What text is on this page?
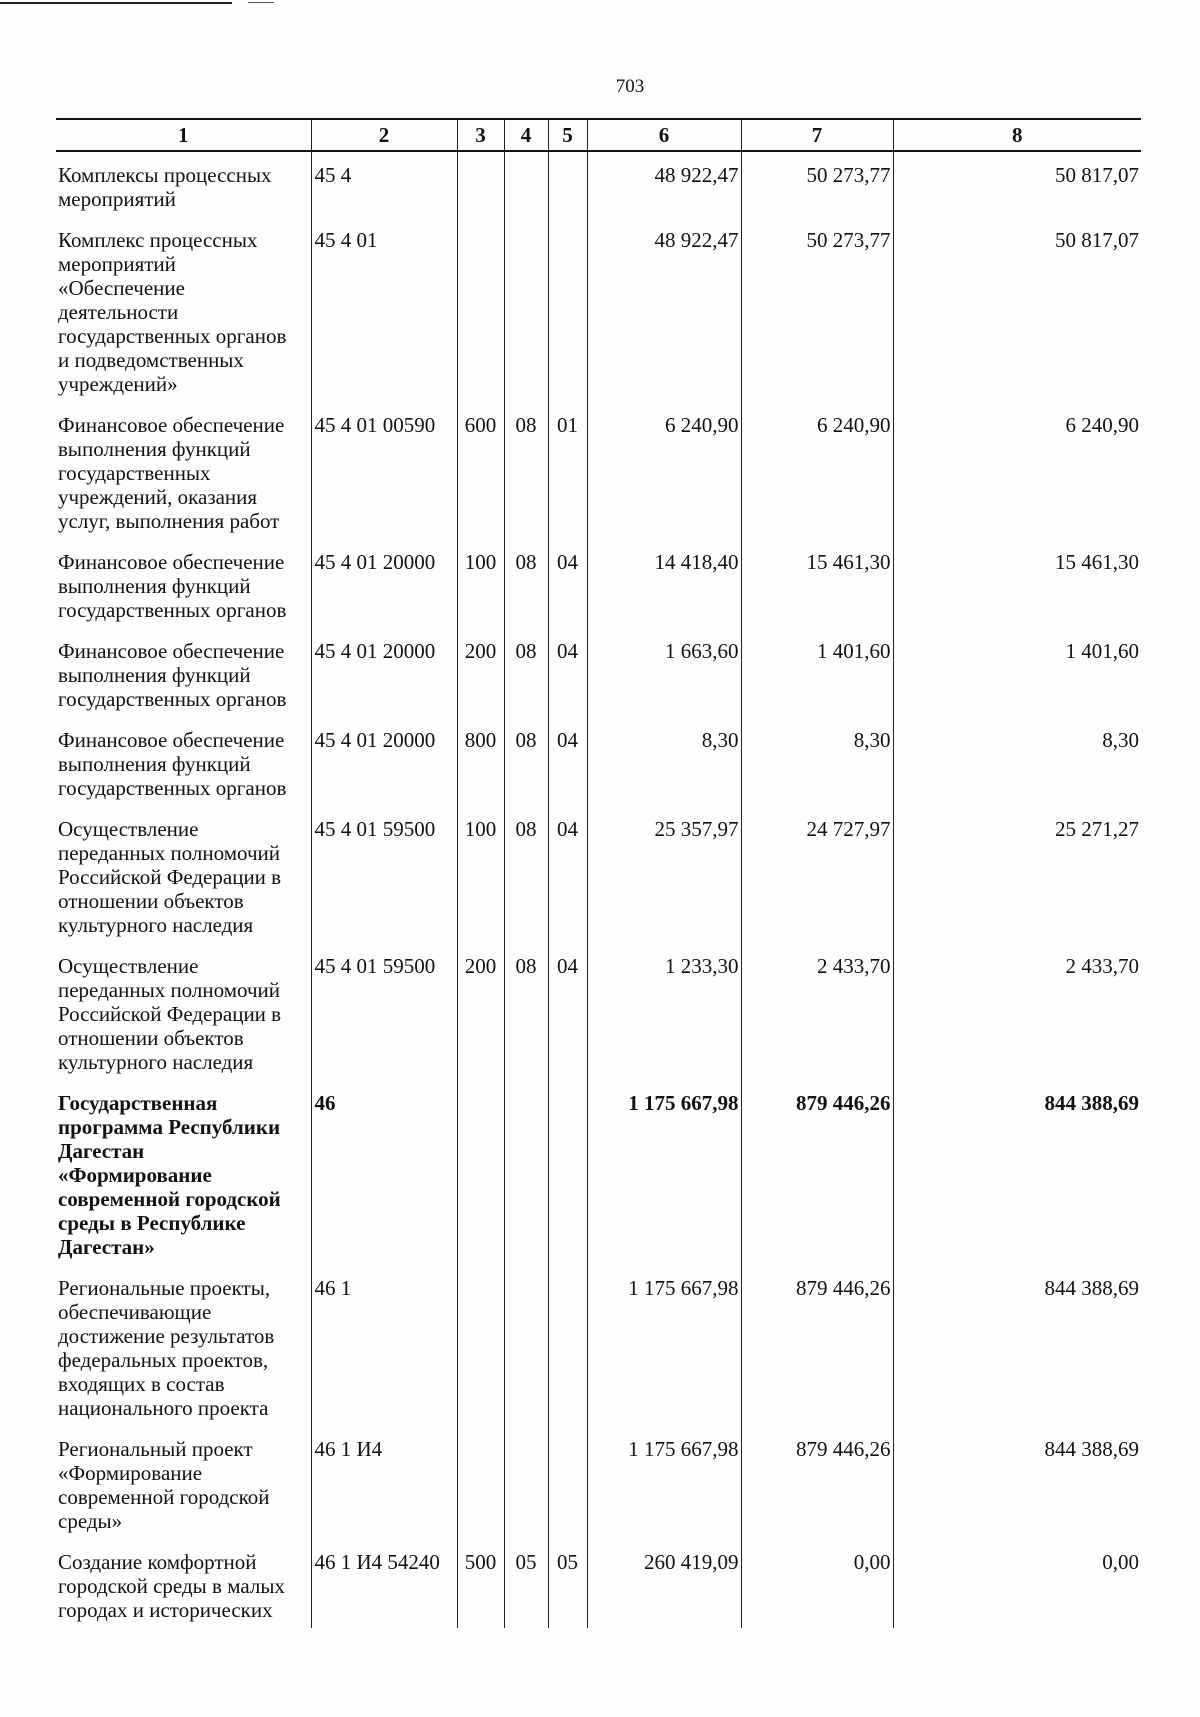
703
1	2	3	4	5	6	7	8
Комплексы процессных мероприятий	45 4				48 922,47	50 273,77	50 817,07
Комплекс процессных мероприятий «Обеспечение деятельности государственных органов и подведомственных учреждений»	45 4 01				48 922,47	50 273,77	50 817,07
Финансовое обеспечение выполнения функций государственных учреждений, оказания услуг, выполнения работ	45 4 01 00590	600	08	01	6 240,90	6 240,90	6 240,90
Финансовое обеспечение выполнения функций государственных органов	45 4 01 20000	100	08	04	14 418,40	15 461,30	15 461,30
Финансовое обеспечение выполнения функций государственных органов	45 4 01 20000	200	08	04	1 663,60	1 401,60	1 401,60
Финансовое обеспечение выполнения функций государственных органов	45 4 01 20000	800	08	04	8,30	8,30	8,30
Осуществление переданных полномочий Российской Федерации в отношении объектов культурного наследия	45 4 01 59500	100	08	04	25 357,97	24 727,97	25 271,27
Осуществление переданных полномочий Российской Федерации в отношении объектов культурного наследия	45 4 01 59500	200	08	04	1 233,30	2 433,70	2 433,70
Государственная программа Республики Дагестан «Формирование современной городской среды в Республике Дагестан»	46				1 175 667,98	879 446,26	844 388,69
Региональные проекты, обеспечивающие достижение результатов федеральных проектов, входящих в состав национального проекта	46 1				1 175 667,98	879 446,26	844 388,69
Региональный проект «Формирование современной городской среды»	46 1 И4				1 175 667,98	879 446,26	844 388,69
Создание комфортной городской среды в малых городах и исторических	46 1 И4 54240	500	05	05	260 419,09	0,00	0,00
